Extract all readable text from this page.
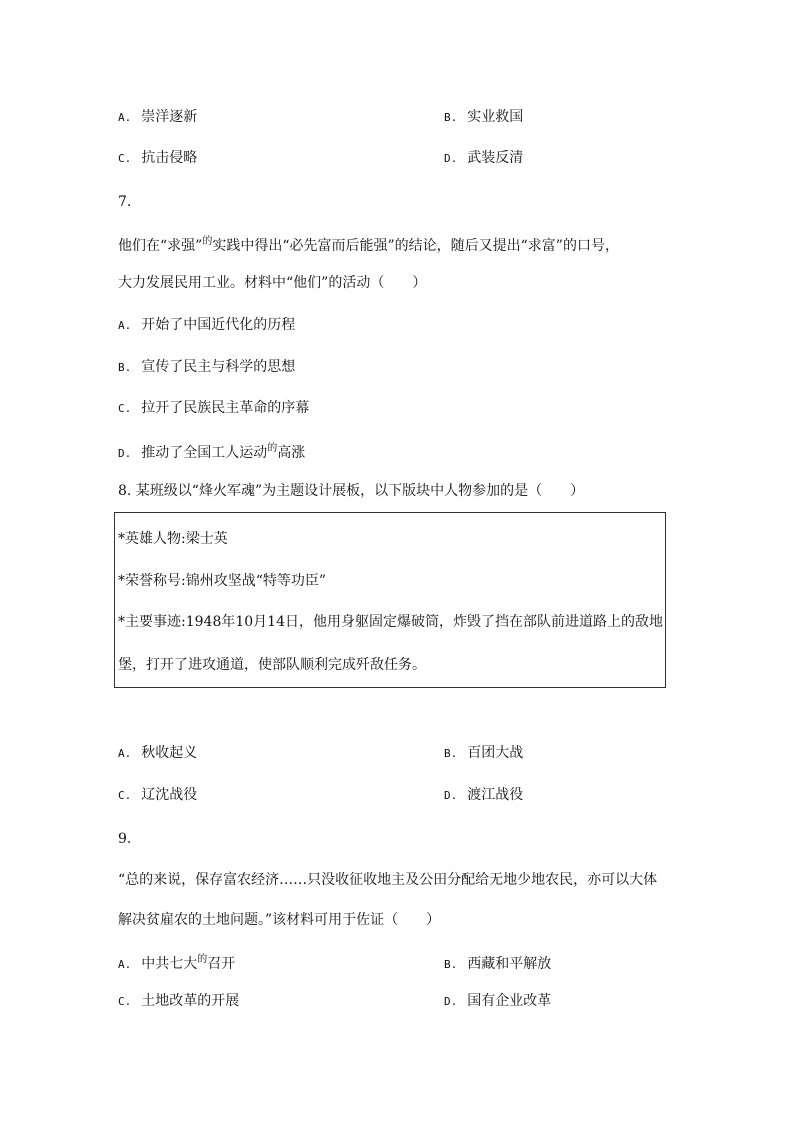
A. 崇洋逐新	B. 实业救国
C. 抗击侵略	D. 武装反清
7.
他们在“求强”$^的$实践中得出“必先富而后能强”的结论，随后又提出“求富”的口号，
大力发展民用工业。材料中“他们”的活动（　　）
A. 开始了中国近代化的历程
B. 宣传了民主与科学的思想
C. 拉开了民族民主革命的序幕
D. 推动了全国工人运动$^的$高涨
8. 某班级以“烽火军魂”为主题设计展板，以下版块中人物参加的是（　　）
*英雄人物:梁士英
*荣誉称号:锦州攻坚战“特等功臣”
*主要事迹:1948年10月14日，他用身躯固定爆破筒，炸毁了挡在部队前进道路上的敌地
堡，打开了进攻通道，使部队顺利完成歼敌任务。
A. 秋收起义	B. 百团大战
C. 辽沈战役	D. 渡江战役
9.
“总的来说，保存富农经济……只没收征收地主及公田分配给无地少地农民，亦可以大体
解决贫雇农的土地问题。”该材料可用于佐证（　　）
A. 中共七大$^的$召开	B. 西藏和平解放
C. 土地改革的开展	D. 国有企业改革
